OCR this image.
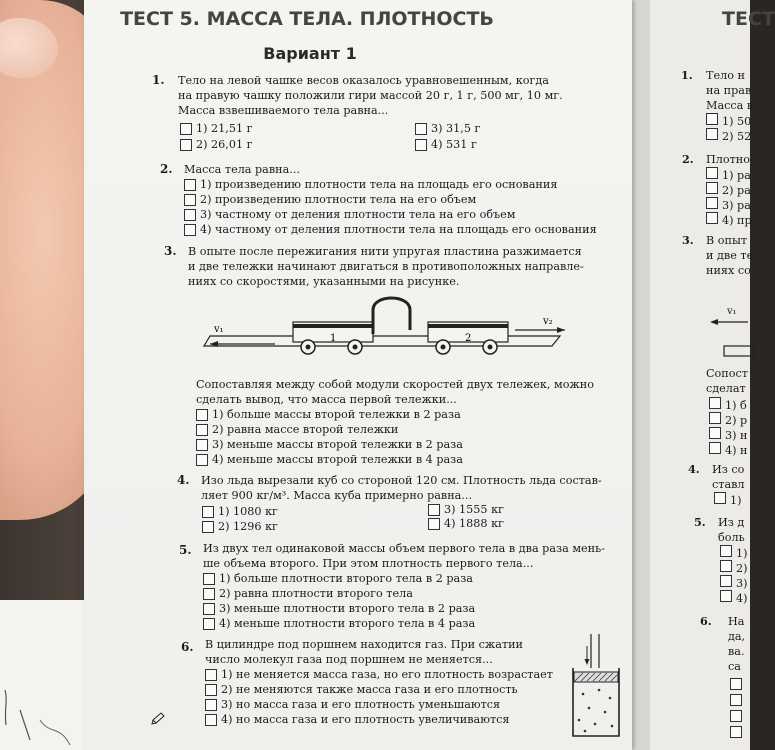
ТЕСТ 5. МАССА ТЕЛА. ПЛОТНОСТЬ
Вариант 1
1. Тело на левой чашке весов оказалось уравновешенным, когда
на правую чашку положили гири массой 20 г, 1 г, 500 мг, 10 мг.
Массa взвешиваемого тела равна...
1) 21,51 г	3) 31,5 г
2) 26,01 г	4) 531 г
2. Масса тела равна...
1) произведению плотности тела на площадь его основания
2) произведению плотности тела на его объем
3) частному от деления плотности тела на его объем
4) частному от деления плотности тела на площадь его основания
3. В опыте после пережигания нити упругая пластина разжимается
и две тележки начинают двигаться в противоположных направле-
ниях со скоростями, указанными на рисунке.
v₁
1	2
v₂
Сопоставляя между собой модули скоростей двух тележек, можно
сделать вывод, что масса первой тележки...
1) больше массы второй тележки в 2 раза
2) равна массе второй тележки
3) меньше массы второй тележки в 2 раза
4) меньше массы второй тележки в 4 раза
4. Изо льда вырезали куб со стороной 120 см. Плотность льда состав-
ляет 900 кг/м³. Масса куба примерно равна...
1) 1080 кг	3) 1555 кг
2) 1296 кг	4) 1888 кг
5. Из двух тел одинаковой массы объем первого тела в два раза мень-
ше объема второго. При этом плотность первого тела...
1) больше плотности второго тела в 2 раза
2) равна плотности второго тела
3) меньше плотности второго тела в 2 раза
4) меньше плотности второго тела в 4 раза
6. В цилиндре под поршнем находится газ. При сжатии
число молекул газа под поршнем не меняется...
1) не меняется масса газа, но его плотность возрастает
2) не меняются также масса газа и его плотность
3) но масса газа и его плотность уменьшаются
4) но масса газа и его плотность увеличиваются
ТЕСТ
1. Тело н
на прав
Масса в
1) 50
2) 52
2. Плотно
1) ра
2) ра
3) ра
4) пр
3. В опыт
и две те
ниях со
v₁
Сопост
сделат
1) б
2) р
3) н
4) н
4. Из со
ставл
1)
5. Из д
боль
1)
2)
3)
4)
6. На
да,
ва.
са
